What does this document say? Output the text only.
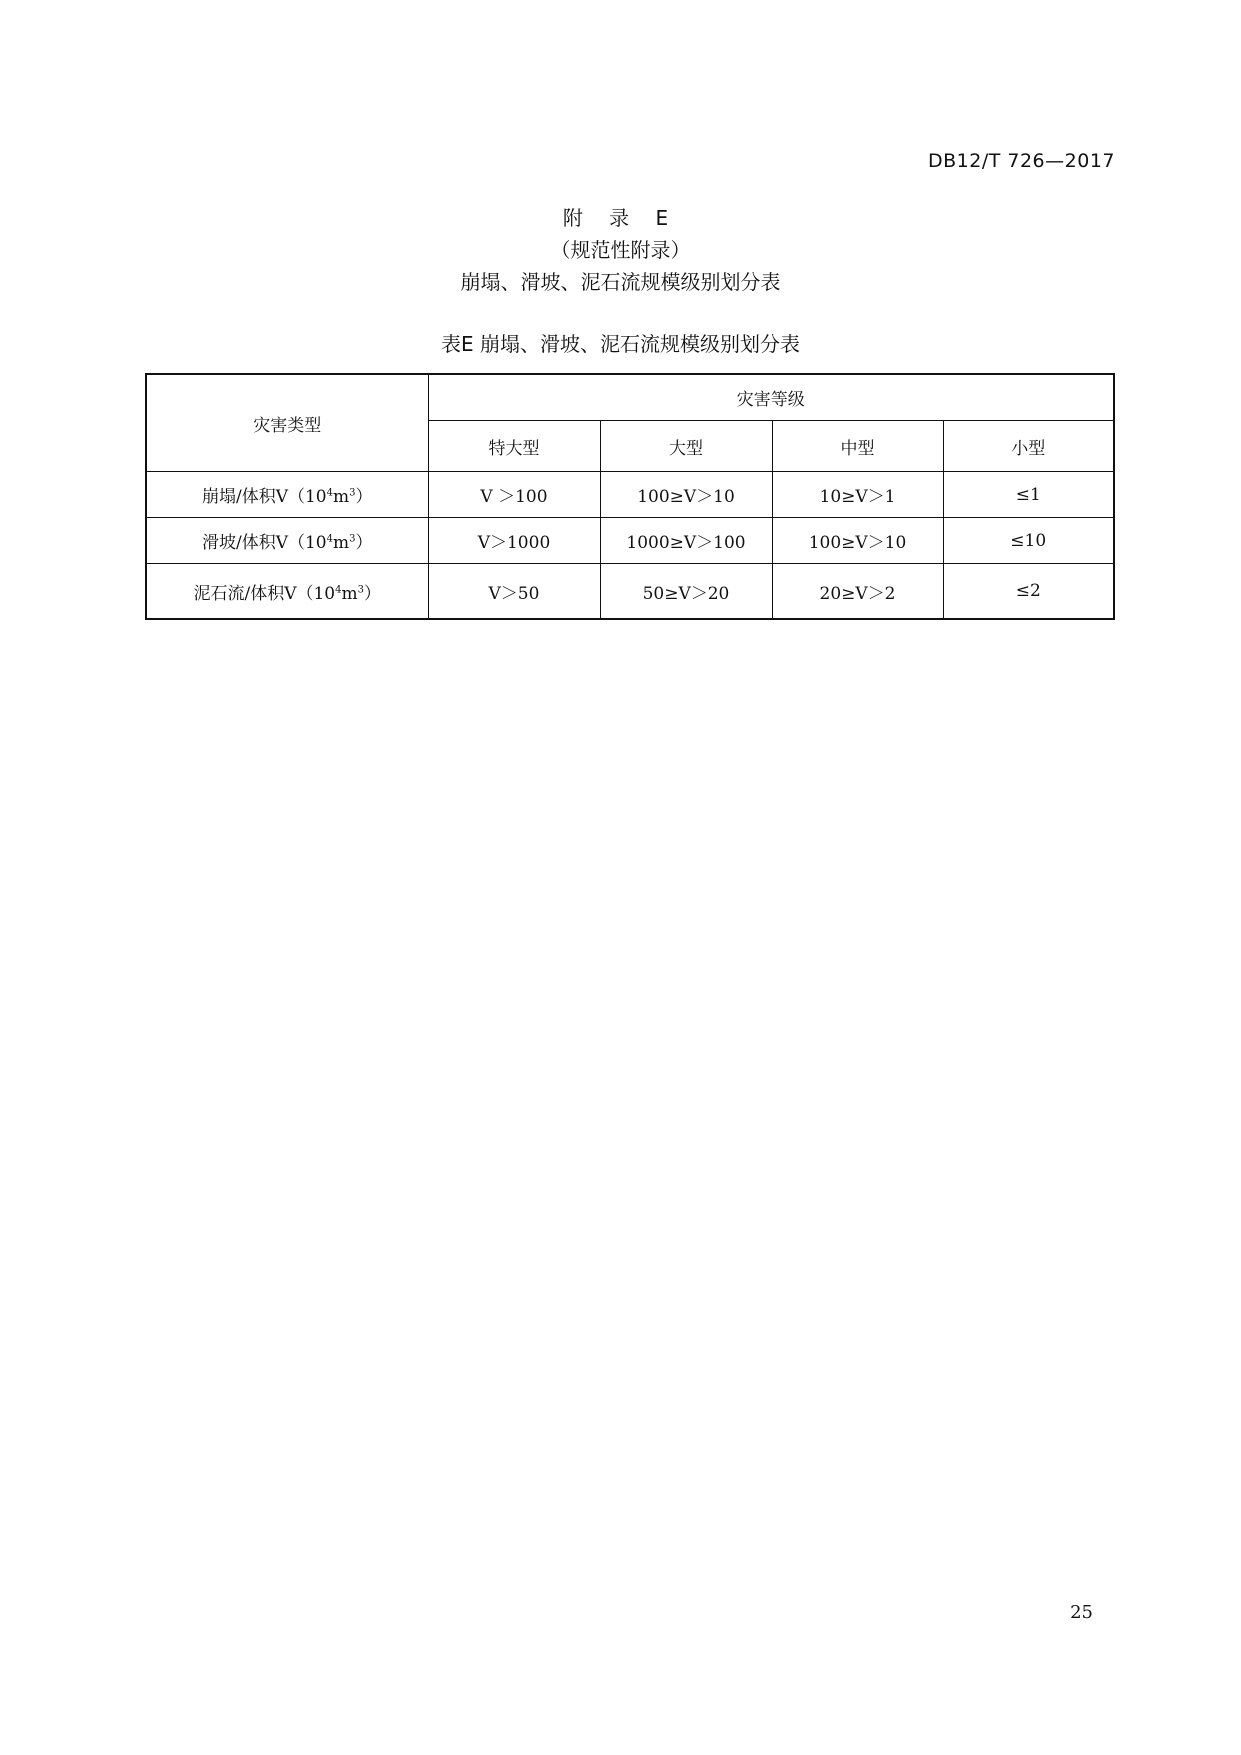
DB12/T 726—2017
附 录 E
（规范性附录）
崩塌、滑坡、泥石流规模级别划分表
表E 崩塌、滑坡、泥石流规模级别划分表
灾害类型	灾害等级			
	特大型	大型	中型	小型
崩塌/体积$V(10^4m^3)$	V ＞100	100≥V＞10	10≥V＞1	≤1
滑坡/体积$V(10^4m^3)$	V＞1000	1000≥V＞100	100≥V＞10	≤10
泥石流/体积$V(10^4m^3)$	V＞50	50≥V＞20	20≥V＞2	≤2
25
